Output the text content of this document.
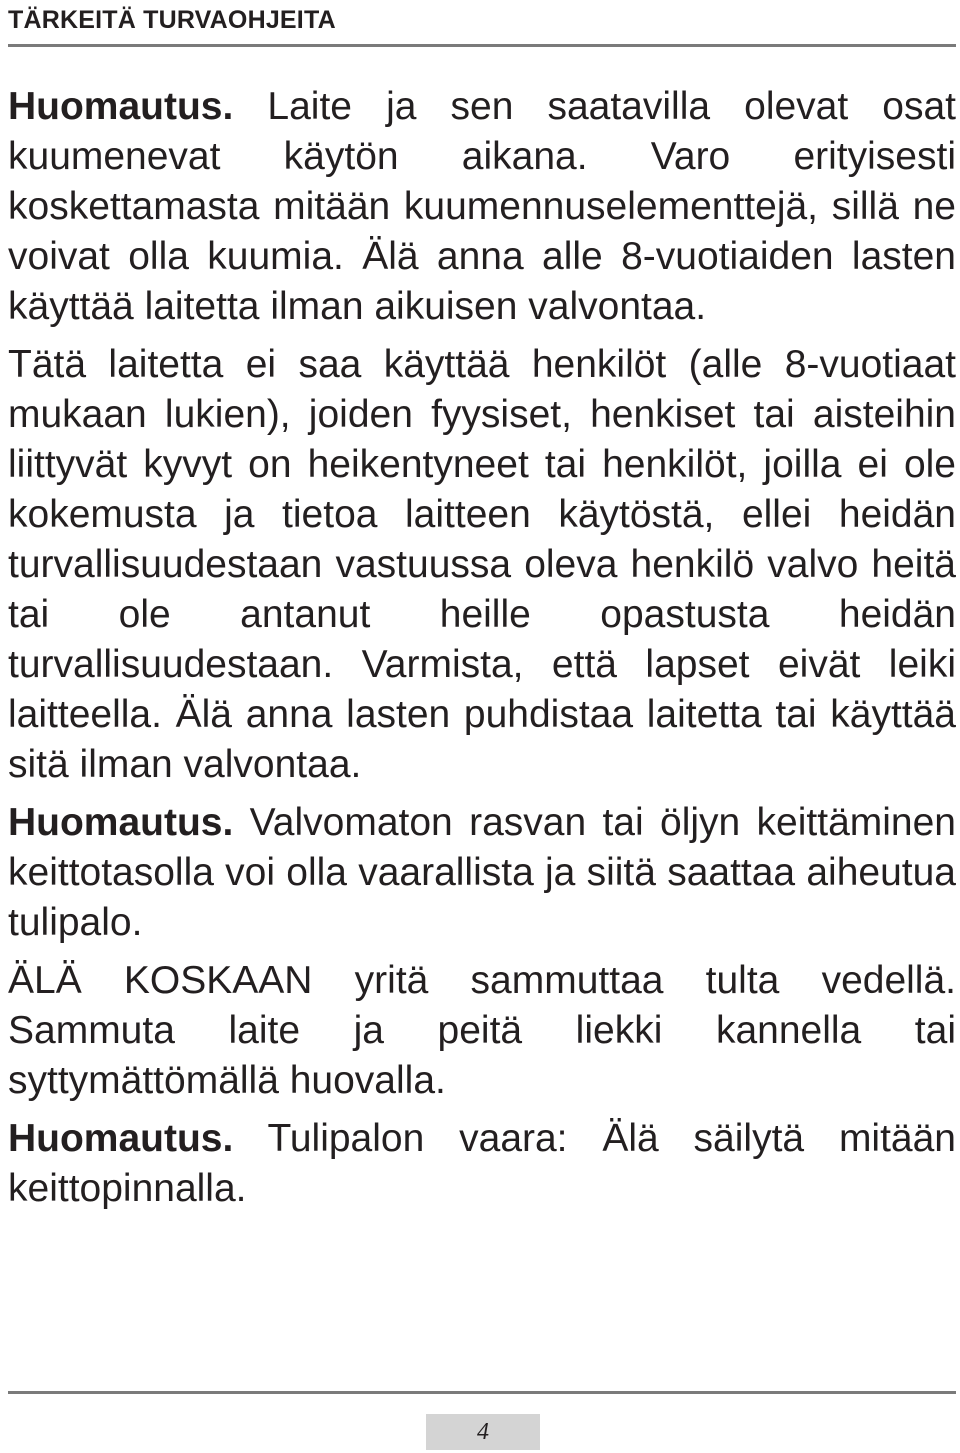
TÄRKEITÄ TURVAOHJEITA

Huomautus. Laite ja sen saatavilla olevat osat kuumenevat käytön aikana. Varo erityisesti koskettamasta mitään kuumennuselementtejä, sillä ne voivat olla kuumia. Älä anna alle 8-vuotiaiden lasten käyttää laitetta ilman aikuisen valvontaa.

Tätä laitetta ei saa käyttää henkilöt (alle 8-vuotiaat mukaan lukien), joiden fyysiset, henkiset tai aisteihin liittyvät kyvyt on heikentyneet tai henkilöt, joilla ei ole kokemusta ja tietoa laitteen käytöstä, ellei heidän turvallisuudestaan vastuussa oleva henkilö valvo heitä tai ole antanut heille opastusta heidän turvallisuudestaan. Varmista, että lapset eivät leiki laitteella. Älä anna lasten puhdistaa laitetta tai käyttää sitä ilman valvontaa.

Huomautus. Valvomaton rasvan tai öljyn keittäminen keittotasolla voi olla vaarallista ja siitä saattaa aiheutua tulipalo.

ÄLÄ KOSKAAN yritä sammuttaa tulta vedellä. Sammuta laite ja peitä liekki kannella tai syttymättömällä huovalla.

Huomautus. Tulipalon vaara: Älä säilytä mitään keittopinnalla.

4
